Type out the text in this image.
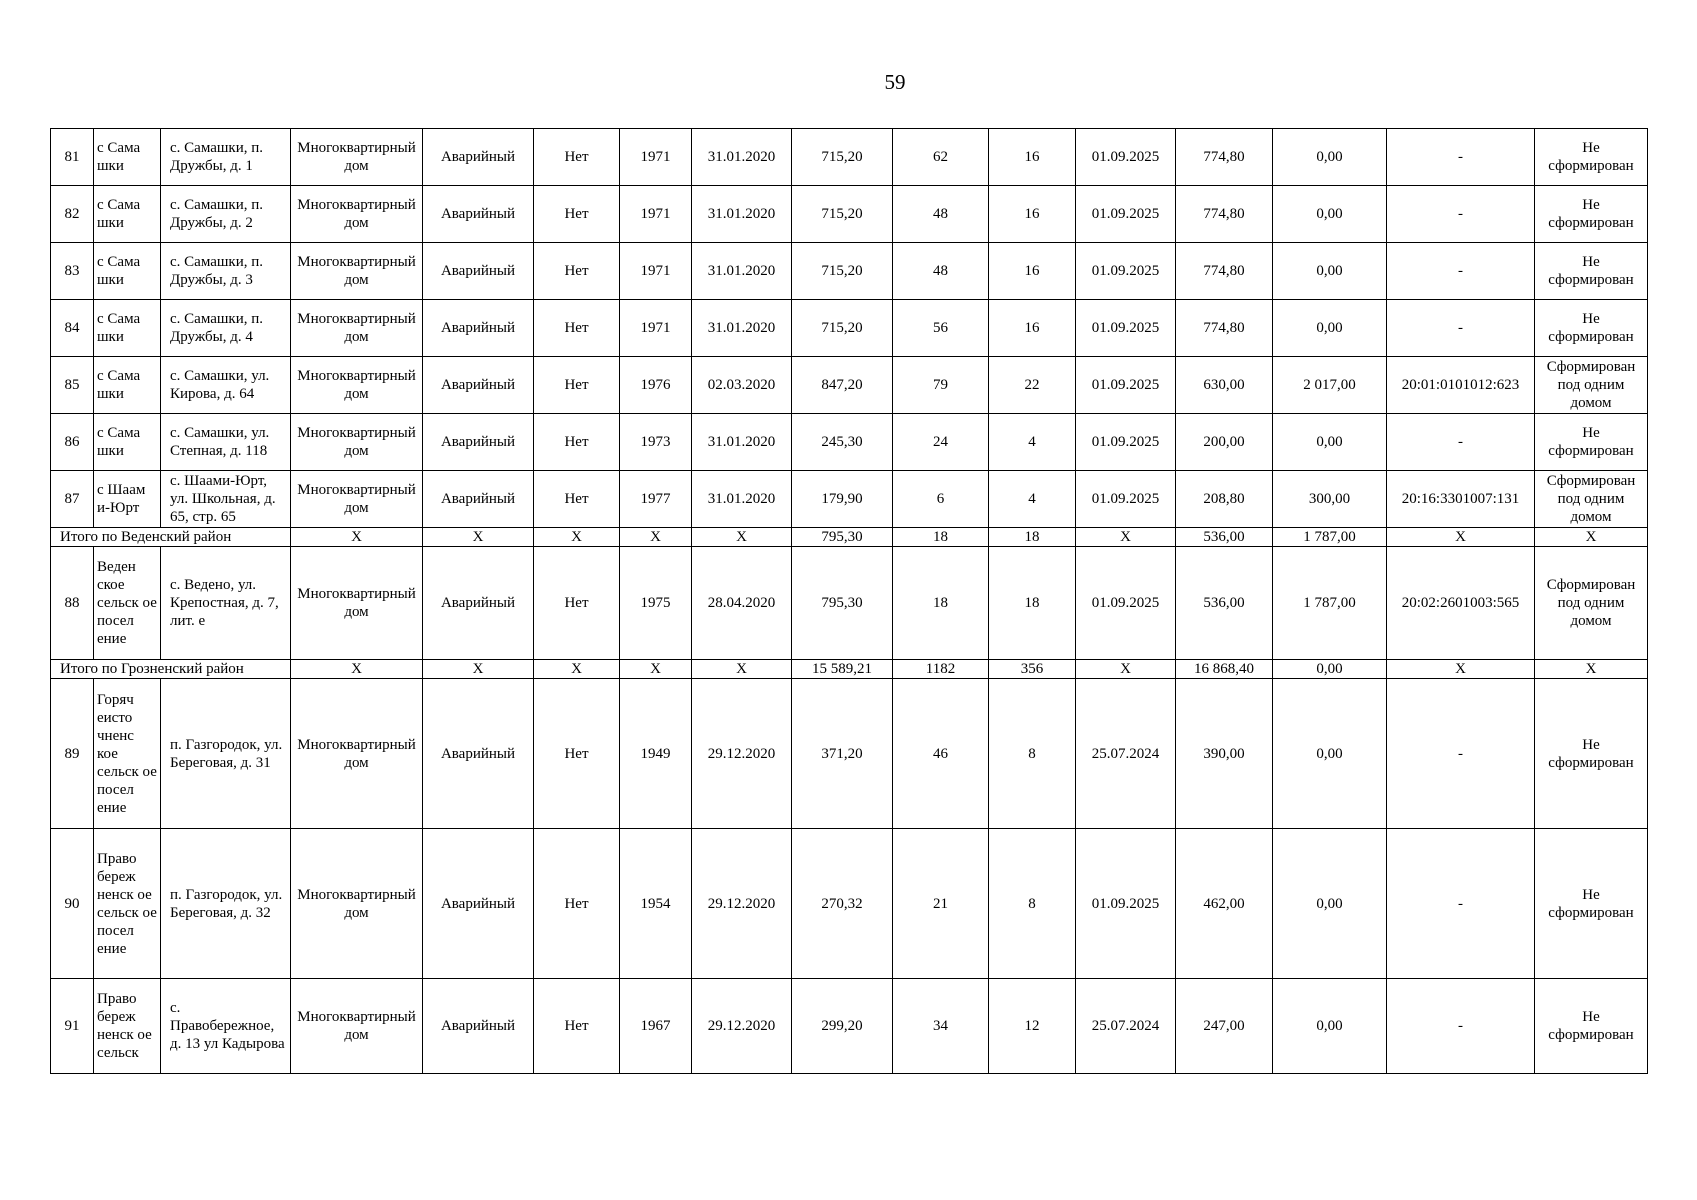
59
81	с Сама шки	с. Самашки, п. Дружбы, д. 1	Многоквартирный дом	Аварийный	Нет	1971	31.01.2020	715,20	62	16	01.09.2025	774,80	0,00	-	Не сформирован
82	с Сама шки	с. Самашки, п. Дружбы, д. 2	Многоквартирный дом	Аварийный	Нет	1971	31.01.2020	715,20	48	16	01.09.2025	774,80	0,00	-	Не сформирован
83	с Сама шки	с. Самашки, п. Дружбы, д. 3	Многоквартирный дом	Аварийный	Нет	1971	31.01.2020	715,20	48	16	01.09.2025	774,80	0,00	-	Не сформирован
84	с Сама шки	с. Самашки, п. Дружбы, д. 4	Многоквартирный дом	Аварийный	Нет	1971	31.01.2020	715,20	56	16	01.09.2025	774,80	0,00	-	Не сформирован
85	с Сама шки	с. Самашки, ул. Кирова, д. 64	Многоквартирный дом	Аварийный	Нет	1976	02.03.2020	847,20	79	22	01.09.2025	630,00	2 017,00	20:01:0101012:623	Сформирован под одним домом
86	с Сама шки	с. Самашки, ул. Степная, д. 118	Многоквартирный дом	Аварийный	Нет	1973	31.01.2020	245,30	24	4	01.09.2025	200,00	0,00	-	Не сформирован
87	с Шаам и-Юрт	с. Шаами-Юрт, ул. Школьная, д. 65, стр. 65	Многоквартирный дом	Аварийный	Нет	1977	31.01.2020	179,90	6	4	01.09.2025	208,80	300,00	20:16:3301007:131	Сформирован под одним домом
Итого по Веденский район			Х	Х	Х	Х	Х	795,30	18	18	Х	536,00	1 787,00	Х	Х
88	Веден ское сельск ое посел ение	с. Ведено, ул. Крепостная, д. 7, лит. е	Многоквартирный дом	Аварийный	Нет	1975	28.04.2020	795,30	18	18	01.09.2025	536,00	1 787,00	20:02:2601003:565	Сформирован под одним домом
Итого по Грозненский район			Х	Х	Х	Х	Х	15 589,21	1182	356	Х	16 868,40	0,00	Х	Х
89	Горяч еисто чненс кое сельск ое посел ение	п. Газгородок, ул. Береговая, д. 31	Многоквартирный дом	Аварийный	Нет	1949	29.12.2020	371,20	46	8	25.07.2024	390,00	0,00	-	Не сформирован
90	Право береж ненск ое сельск ое посел ение	п. Газгородок, ул. Береговая, д. 32	Многоквартирный дом	Аварийный	Нет	1954	29.12.2020	270,32	21	8	01.09.2025	462,00	0,00	-	Не сформирован
91	Право береж ненск ое сельск	с. Правобережное, д. 13 ул Кадырова	Многоквартирный дом	Аварийный	Нет	1967	29.12.2020	299,20	34	12	25.07.2024	247,00	0,00	-	Не сформирован
